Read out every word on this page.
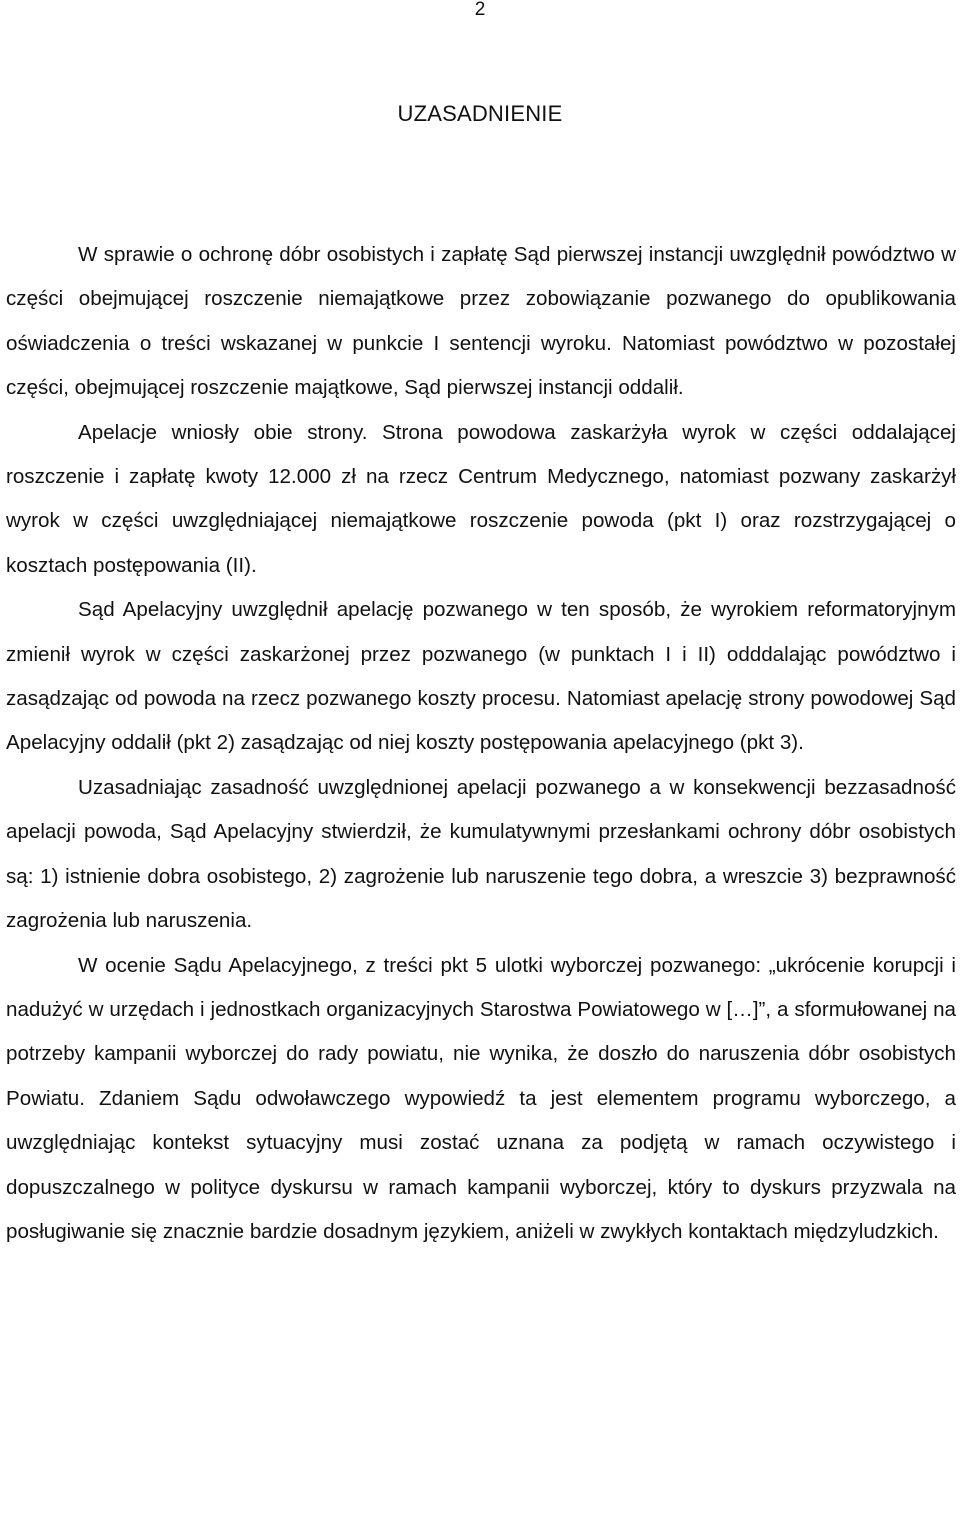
2
UZASADNIENIE

W sprawie o ochronę dóbr osobistych i zapłatę Sąd pierwszej instancji uwzględnił powództwo w części obejmującej roszczenie niemajątkowe przez zobowiązanie pozwanego do opublikowania oświadczenia o treści wskazanej w punkcie I sentencji wyroku. Natomiast powództwo w pozostałej części, obejmującej roszczenie majątkowe, Sąd pierwszej instancji oddalił.

Apelacje wniosły obie strony. Strona powodowa zaskarżyła wyrok w części oddalającej roszczenie i zapłatę kwoty 12.000 zł na rzecz Centrum Medycznego, natomiast pozwany zaskarżył wyrok w części uwzględniającej niemajątkowe roszczenie powoda (pkt I) oraz rozstrzygającej o kosztach postępowania (II).

Sąd Apelacyjny uwzględnił apelację pozwanego w ten sposób, że wyrokiem reformatoryjnym zmienił wyrok w części zaskarżonej przez pozwanego (w punktach I i II) odddalając powództwo i zasądzając od powoda na rzecz pozwanego koszty procesu. Natomiast apelację strony powodowej Sąd Apelacyjny oddalił (pkt 2) zasądzając od niej koszty postępowania apelacyjnego (pkt 3).

Uzasadniając zasadność uwzględnionej apelacji pozwanego a w konsekwencji bezzasadność apelacji powoda, Sąd Apelacyjny stwierdził, że kumulatywnymi przesłankami ochrony dóbr osobistych są: 1) istnienie dobra osobistego, 2) zagrożenie lub naruszenie tego dobra, a wreszcie 3) bezprawność zagrożenia lub naruszenia.

W ocenie Sądu Apelacyjnego, z treści pkt 5 ulotki wyborczej pozwanego: „ukrócenie korupcji i nadużyć w urzędach i jednostkach organizacyjnych Starostwa Powiatowego w […]”, a sformułowanej na potrzeby kampanii wyborczej do rady powiatu, nie wynika, że doszło do naruszenia dóbr osobistych Powiatu. Zdaniem Sądu odwoławczego wypowiedź ta jest elementem programu wyborczego, a uwzględniając kontekst sytuacyjny musi zostać uznana za podjętą w ramach oczywistego i dopuszczalnego w polityce dyskursu w ramach kampanii wyborczej, który to dyskurs przyzwala na posługiwanie się znacznie bardzie dosadnym językiem, aniżeli w zwykłych kontaktach międzyludzkich.
